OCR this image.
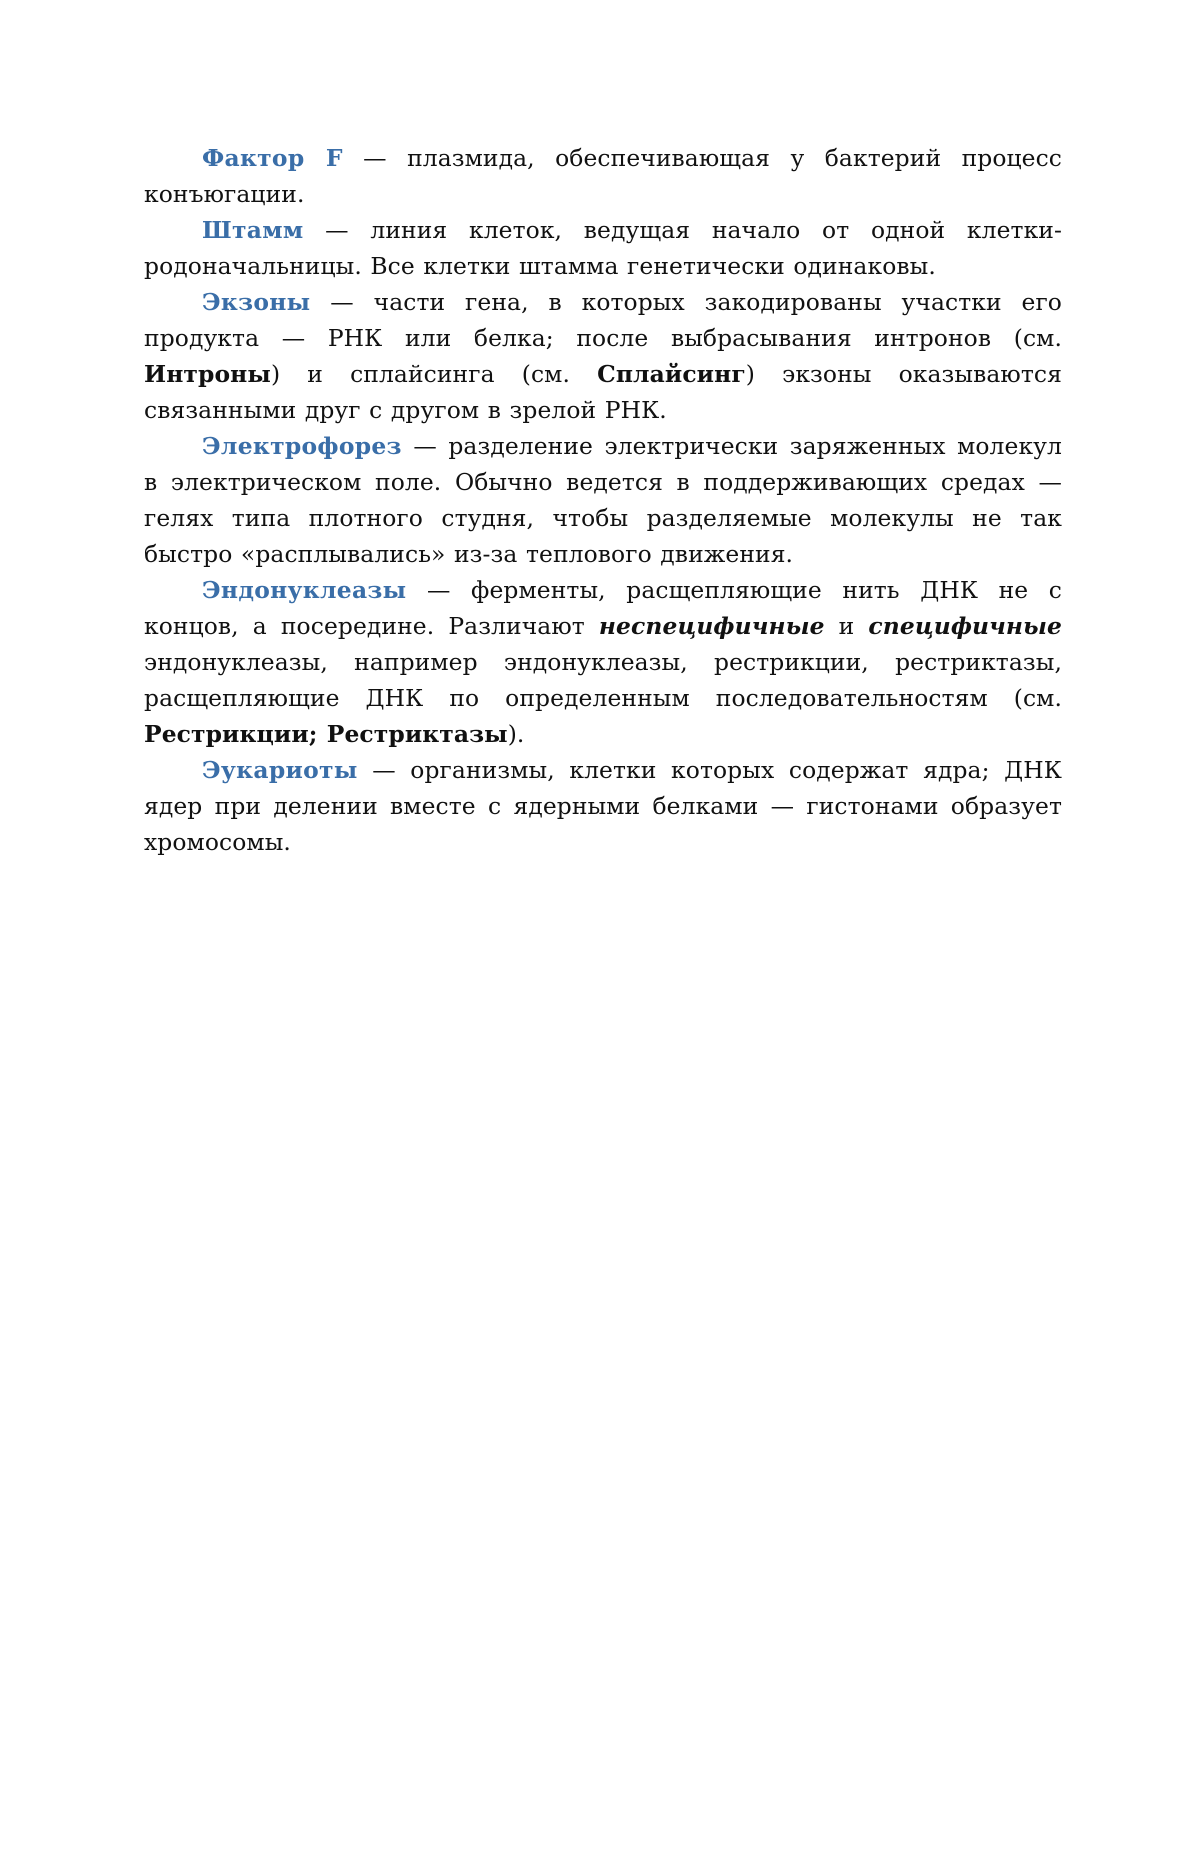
Фактор F — плазмида, обеспечивающая у бактерий процесс конъюгации.

Штамм — линия клеток, ведущая начало от одной клетки-родоначальницы. Все клетки штамма генетически одинаковы.

Экзоны — части гена, в которых закодированы участки его продукта — РНК или белка; после выбрасывания интронов (см. Интроны) и сплайсинга (см. Сплайсинг) экзоны оказываются связанными друг с другом в зрелой РНК.

Электрофорез — разделение электрически заряженных молекул в электрическом поле. Обычно ведется в поддерживающих средах — гелях типа плотного студня, чтобы разделяемые молекулы не так быстро «расплывались» из-за теплового движения.

Эндонуклеазы — ферменты, расщепляющие нить ДНК не с концов, а посередине. Различают неспецифичные и специфичные эндонуклеазы, например эндонуклеазы, рестрикции, рестриктазы, расщепляющие ДНК по определенным последовательностям (см. Рестрикции; Рестриктазы).

Эукариоты — организмы, клетки которых содержат ядра; ДНК ядер при делении вместе с ядерными белками — гистонами образует хромосомы.
